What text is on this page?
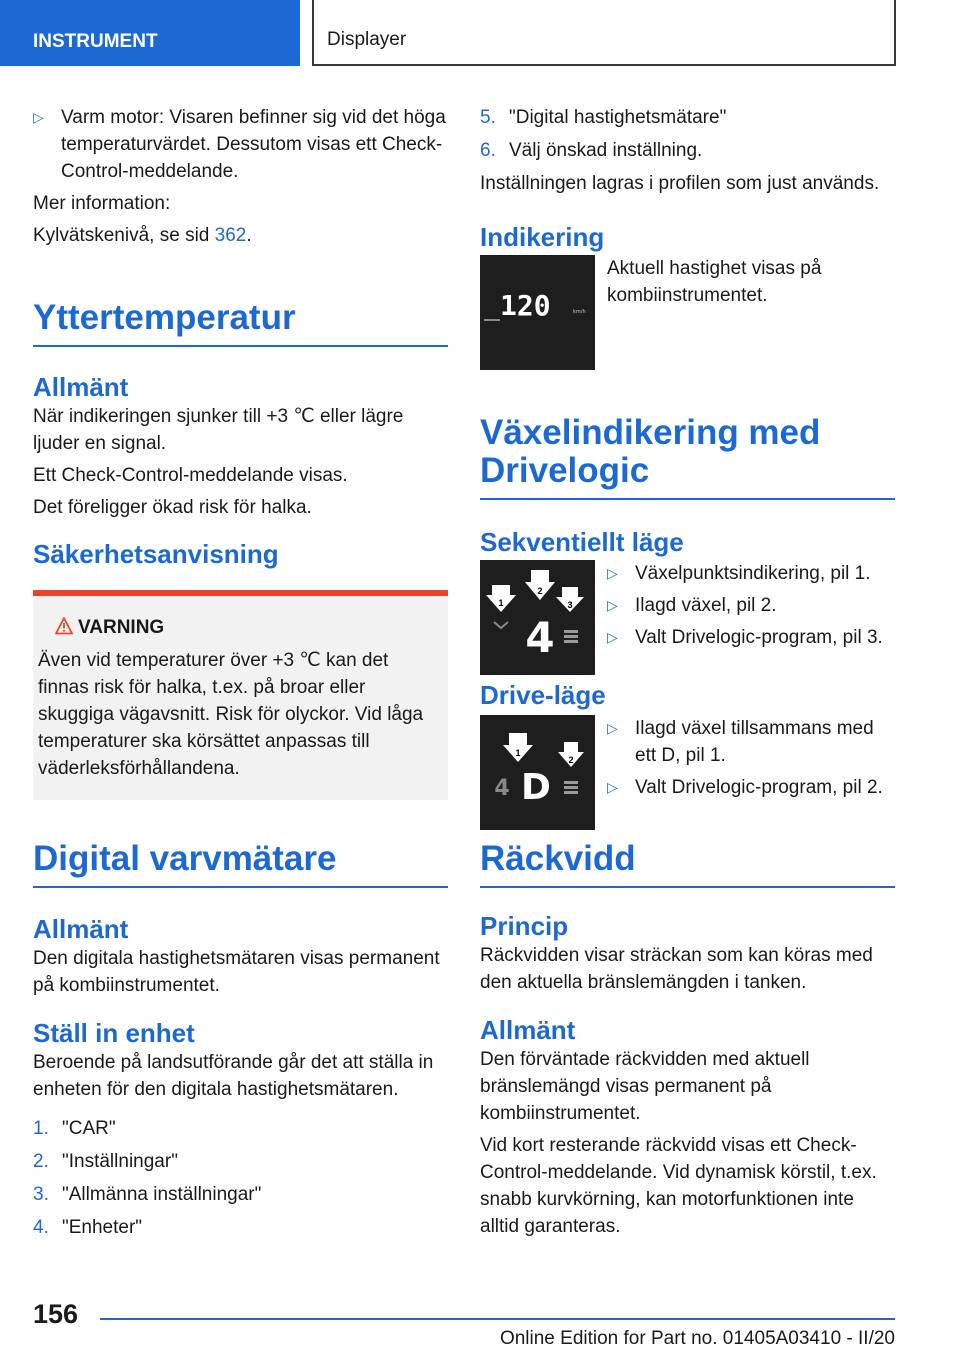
INSTRUMENT	Displayer
▷ Varm motor: Visaren befinner sig vid det höga temperaturvärdet. Dessutom visas ett Check-Control-meddelande.

Mer information:

Kylvätskenivå, se sid 362.

Yttertemperatur
Allmänt

När indikeringen sjunker till +3 ℃ eller lägre ljuder en signal.

Ett Check-Control-meddelande visas.

Det föreligger ökad risk för halka.

Säkerhetsanvisning
VARNING

Även vid temperaturer över +3 ℃ kan det finnas risk för halka, t.ex. på broar eller skuggiga vägavsnitt. Risk för olyckor. Vid låga temperaturer ska körsättet anpassas till väderleksförhållandena.

Digital varvmätare
Allmänt

Den digitala hastighetsmätaren visas permanent på kombiinstrumentet.

Ställ in enhet

Beroende på landsutförande går det att ställa in enheten för den digitala hastighetsmätaren.

1. "CAR"
2. "Inställningar"
3. "Allmänna inställningar"
4. "Enheter"
5. "Digital hastighetsmätare"
6. Välj önskad inställning.

Inställningen lagras i profilen som just används.

Indikering
120	km/h

Aktuell hastighet visas på kombiinstrumentet.

Växelindikering med Drivelogic
Sekventiellt läge
1
2
3
4
▷ Växelpunktsindikering, pil 1.
▷ Ilagd växel, pil 2.
▷ Valt Drivelogic-program, pil 3.
Drive-läge
1
2
4 D
▷ Ilagd växel tillsammans med ett D, pil 1.
▷ Valt Drivelogic-program, pil 2.
Räckvidd
Princip

Räckvidden visar sträckan som kan köras med den aktuella bränslemängden i tanken.

Allmänt

Den förväntade räckvidden med aktuell bränslemängd visas permanent på kombiinstrumentet.

Vid kort resterande räckvidd visas ett Check-Control-meddelande. Vid dynamisk körstil, t.ex. snabb kurvkörning, kan motorfunktionen inte alltid garanteras.

156
Online Edition for Part no. 01405A03410 - II/20
